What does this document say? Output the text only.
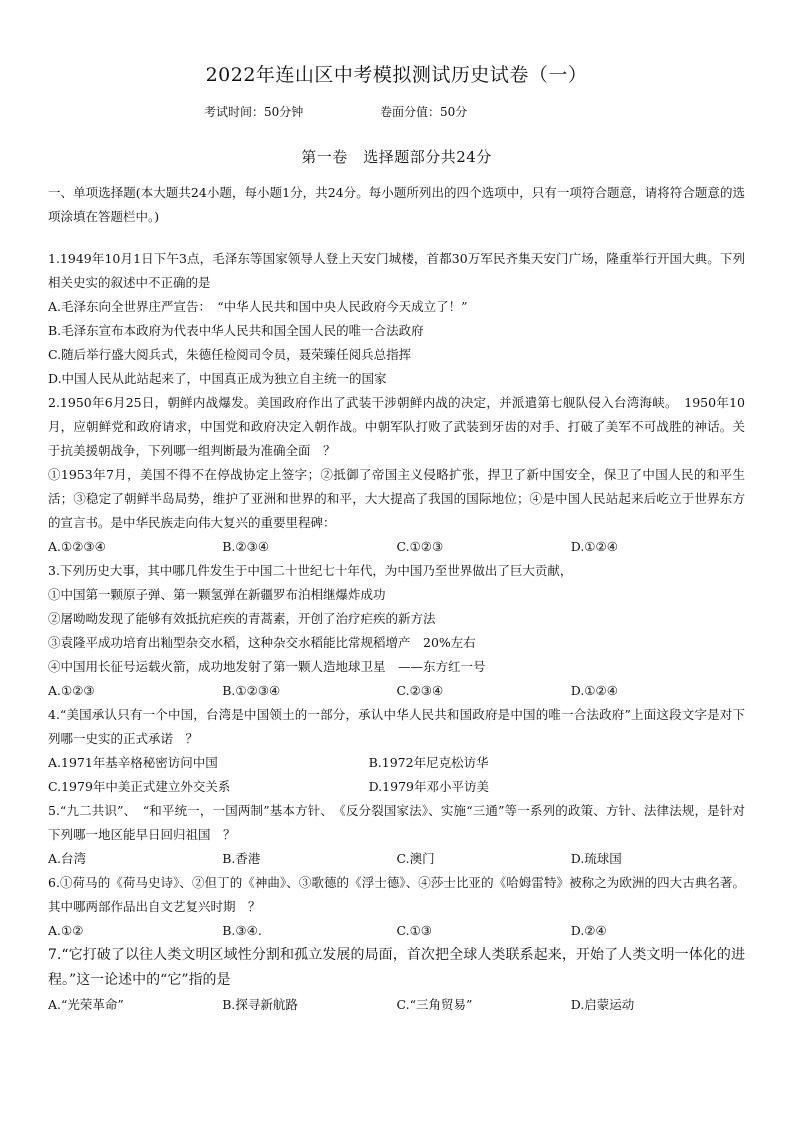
2022年连山区中考模拟测试历史试卷（一）
考试时间：50分钟	卷面分值：50分
第一卷　选择题部分共24分

一、单项选择题(本大题共24小题，每小题1分，共24分。每小题所列出的四个选项中，只有一项符合题意，请将符合题意的选项涂填在答题栏中。)

1.1949年10月1日下午3点，毛泽东等国家领导人登上天安门城楼，首都30万军民齐集天安门广场，隆重举行开国大典。下列相关史实的叙述中不正确的是

A.毛泽东向全世界庄严宣告：　“中华人民共和国中央人民政府今天成立了！”

B.毛泽东宣布本政府为代表中华人民共和国全国人民的唯一合法政府

C.随后举行盛大阅兵式，朱德任检阅司令员，聂荣臻任阅兵总指挥

D.中国人民从此站起来了，中国真正成为独立自主统一的国家

2.1950年6月25日，朝鲜内战爆发。美国政府作出了武装干涉朝鲜内战的决定，并派遣第七舰队侵入台湾海峡。　1950年10月，应朝鲜党和政府请求，中国党和政府决定入朝作战。中朝军队打败了武装到牙齿的对手、打破了美军不可战胜的神话。关于抗美援朝战争，下列哪一组判断最为准确全面　？

①1953年7月，美国不得不在停战协定上签字；②抵御了帝国主义侵略扩张，捍卫了新中国安全，保卫了中国人民的和平生活；③稳定了朝鲜半岛局势，维护了亚洲和世界的和平，大大提高了我国的国际地位；④是中国人民站起来后屹立于世界东方的宣言书。是中华民族走向伟大复兴的重要里程碑：

A.①②③④	B.②③④	C.①②③	D.①②④

3.下列历史大事，其中哪几件发生于中国二十世纪七十年代，为中国乃至世界做出了巨大贡献，

①中国第一颗原子弹、第一颗氢弹在新疆罗布泊相继爆炸成功

②屠呦呦发现了能够有效抵抗疟疾的青蒿素，开创了治疗疟疾的新方法

③袁隆平成功培育出籼型杂交水稻，这种杂交水稻能比常规稻增产　20%左右

④中国用长征号运载火箭，成功地发射了第一颗人造地球卫星　——东方红一号

A.①②③	B.①②③④	C.②③④	D.①②④

4.“美国承认只有一个中国，台湾是中国领土的一部分，承认中华人民共和国政府是中国的唯一合法政府”上面这段文字是对下列哪一史实的正式承诺　？

A.1971年基辛格秘密访问中国	B.1972年尼克松访华
C.1979年中美正式建立外交关系	D.1979年邓小平访美

5.“九二共识”、　“和平统一，一国两制”基本方针、　《反分裂国家法》、实施“三通”等一系列的政策、方针、法律法规，是针对下列哪一地区能早日回归祖国　？

A.台湾	B.香港	C.澳门	D.琉球国

6.①荷马的《荷马史诗》、②但丁的《神曲》、③歌德的《浮士德》、④莎士比亚的《哈姆雷特》被称之为欧洲的四大古典名著。其中哪两部作品出自文艺复兴时期　？

A.①②	B.③④.	C.①③	D.②④

7.“它打破了以往人类文明区域性分割和孤立发展的局面，首次把全球人类联系起来，开始了人类文明一体化的进程。”这一论述中的“它”指的是

A.“光荣革命”	B.探寻新航路	C.“三角贸易”	D.启蒙运动
